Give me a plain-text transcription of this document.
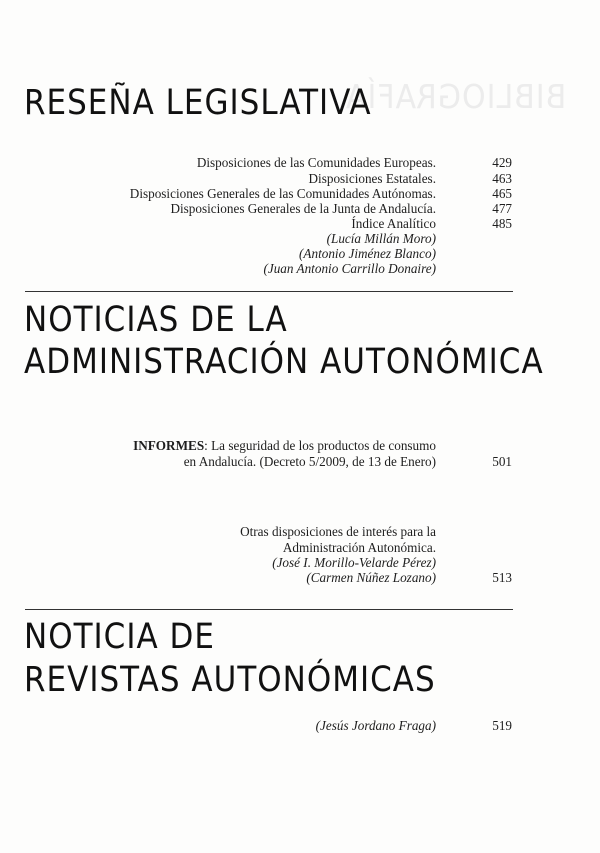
BIBLIOGRAFÍA
RESEÑA LEGISLATIVA
Disposiciones de las Comunidades Europeas.	429
Disposiciones Estatales.	463
Disposiciones Generales de las Comunidades Autónomas.	465
Disposiciones Generales de la Junta de Andalucía.	477
Índice Analítico	485
(Lucía Millán Moro)
(Antonio Jiménez Blanco)
(Juan Antonio Carrillo Donaire)
NOTICIAS DE LA
ADMINISTRACIÓN AUTONÓMICA
INFORMES: La seguridad de los productos de consumo
en Andalucía. (Decreto 5/2009, de 13 de Enero)	501
Otras disposiciones de interés para la
Administración Autonómica.
(José I. Morillo-Velarde Pérez)
(Carmen Núñez Lozano)	513
NOTICIA DE
REVISTAS AUTONÓMICAS
(Jesús Jordano Fraga)	519
